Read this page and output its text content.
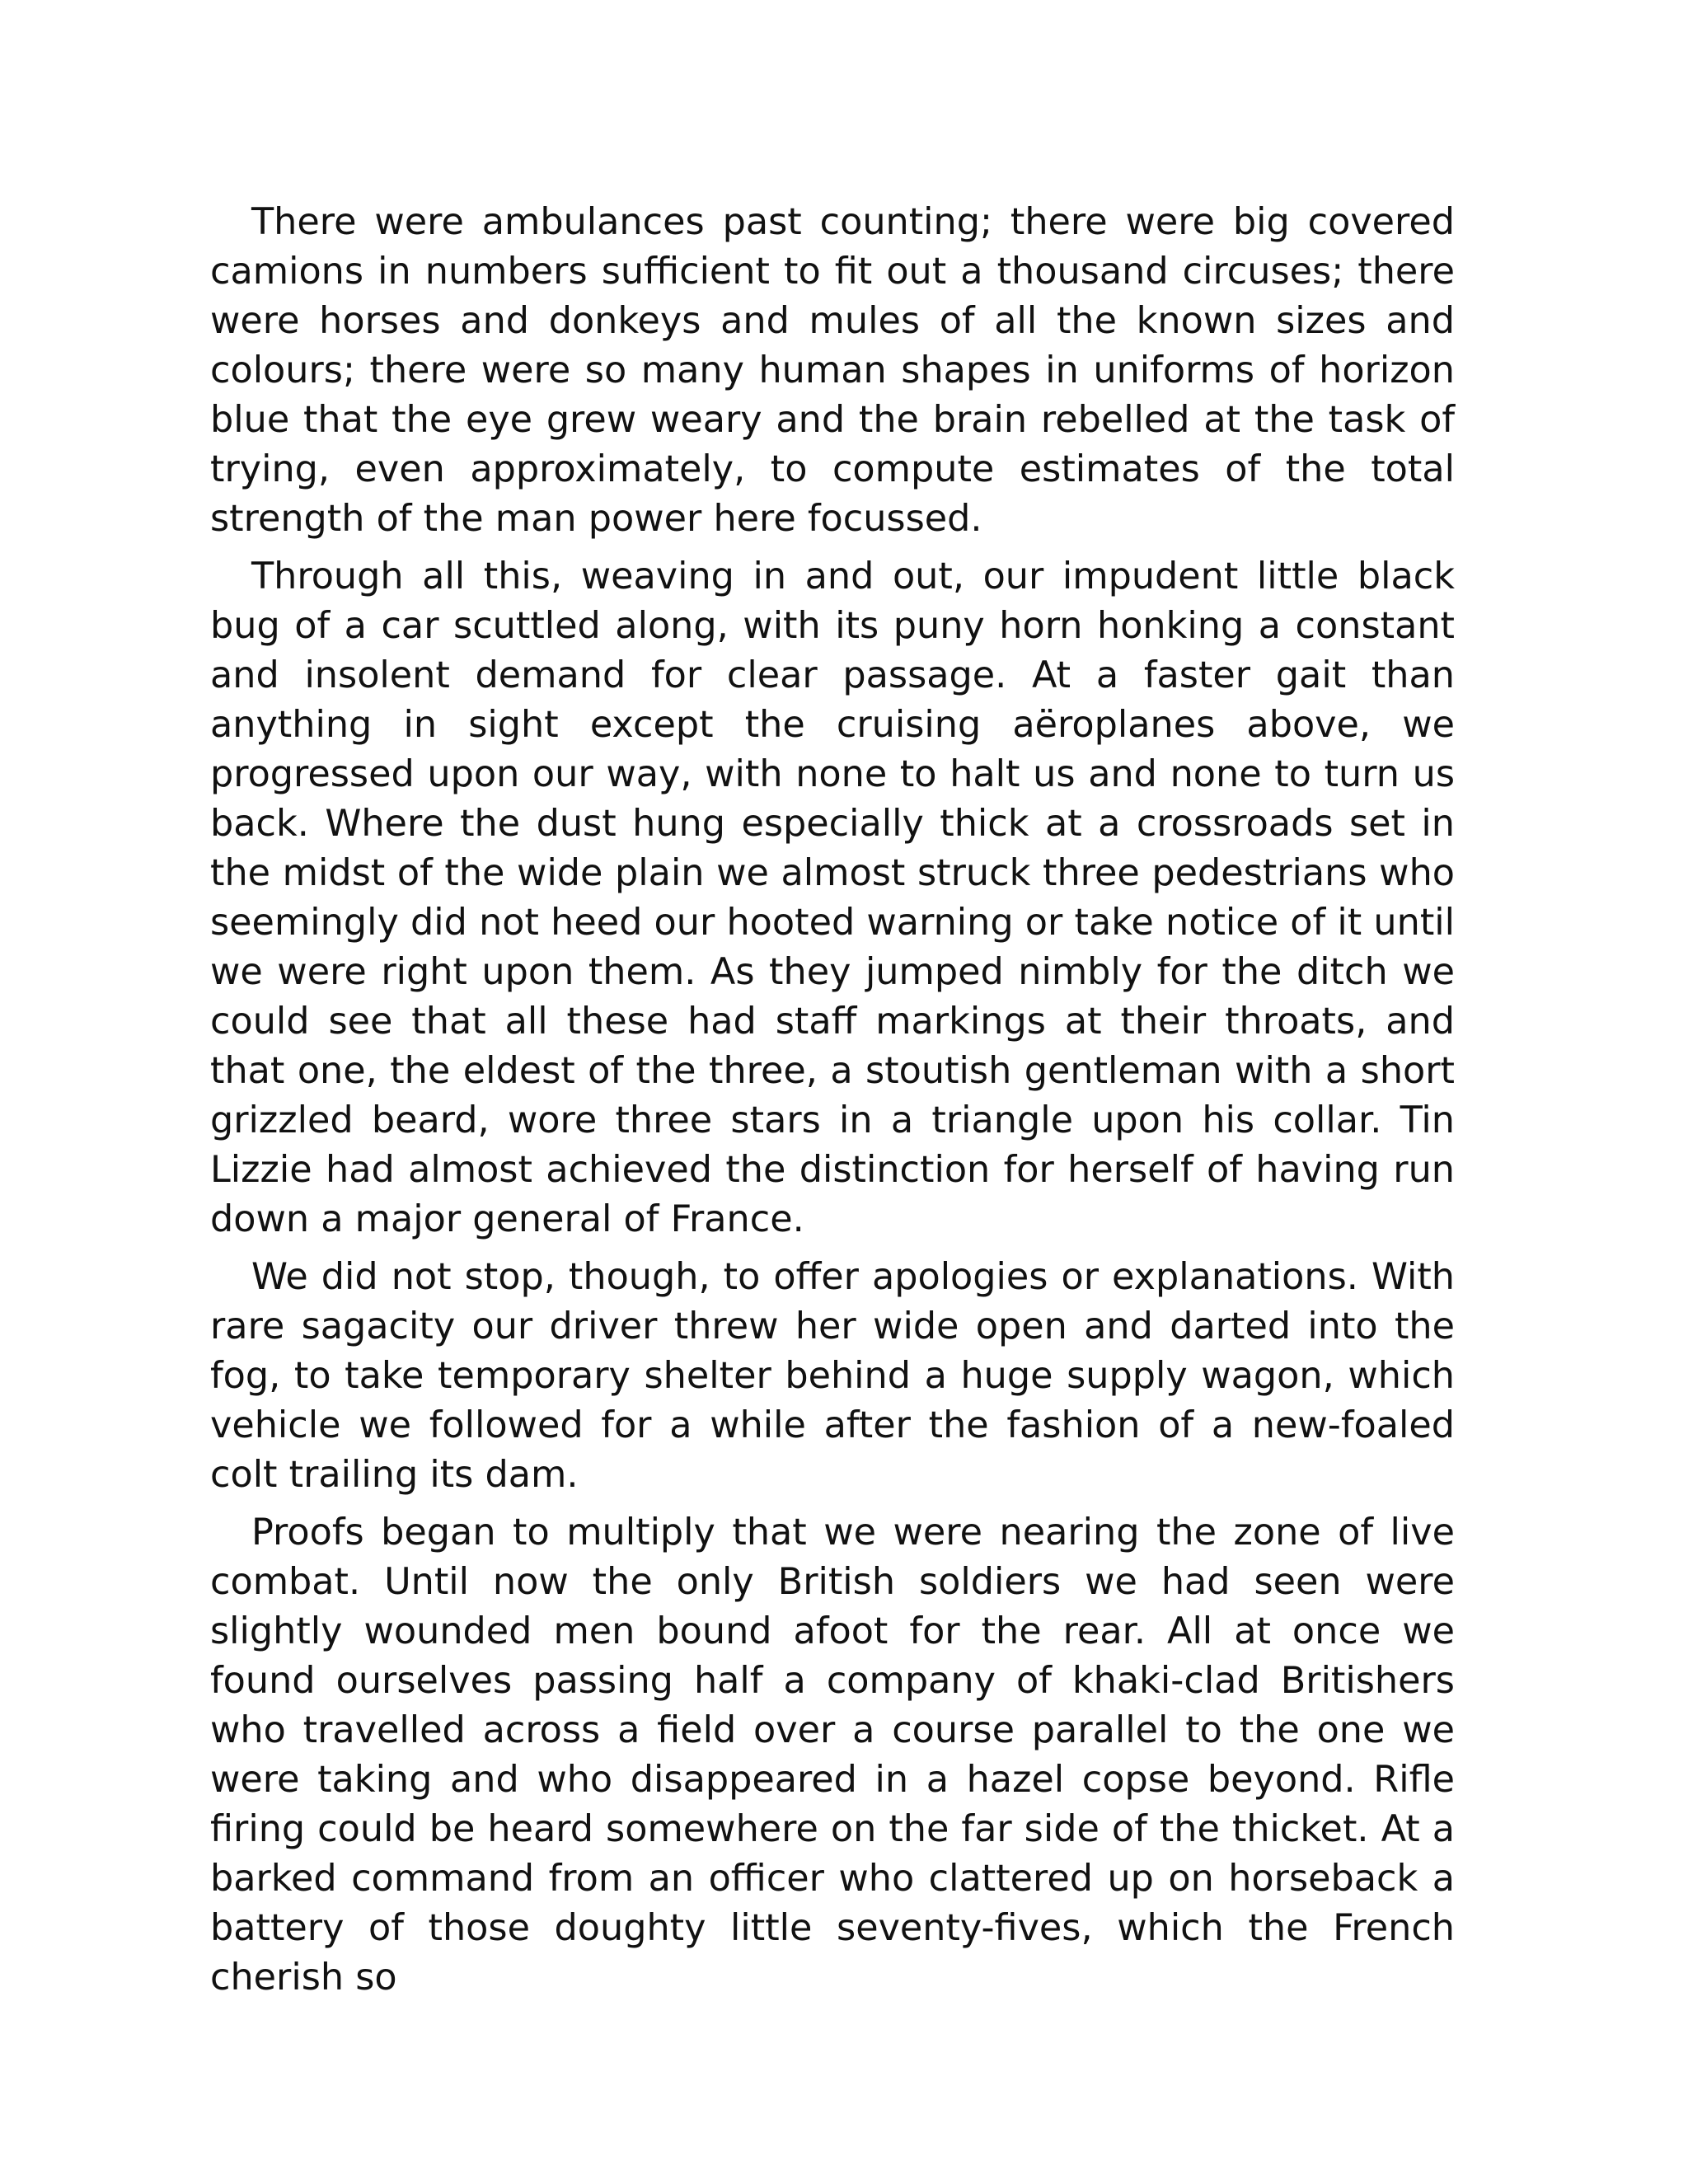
There were ambulances past counting; there were big covered camions in numbers sufficient to fit out a thousand circuses; there were horses and donkeys and mules of all the known sizes and colours; there were so many human shapes in uniforms of horizon blue that the eye grew weary and the brain rebelled at the task of trying, even approximately, to compute estimates of the total strength of the man power here focussed.

Through all this, weaving in and out, our impudent little black bug of a car scuttled along, with its puny horn honking a constant and insolent demand for clear passage. At a faster gait than anything in sight except the cruising aëroplanes above, we progressed upon our way, with none to halt us and none to turn us back. Where the dust hung especially thick at a crossroads set in the midst of the wide plain we almost struck three pedestrians who seemingly did not heed our hooted warning or take notice of it until we were right upon them. As they jumped nimbly for the ditch we could see that all these had staff markings at their throats, and that one, the eldest of the three, a stoutish gentleman with a short grizzled beard, wore three stars in a triangle upon his collar. Tin Lizzie had almost achieved the distinction for herself of having run down a major general of France.

We did not stop, though, to offer apologies or explanations. With rare sagacity our driver threw her wide open and darted into the fog, to take temporary shelter behind a huge supply wagon, which vehicle we followed for a while after the fashion of a new-foaled colt trailing its dam.

Proofs began to multiply that we were nearing the zone of live combat. Until now the only British soldiers we had seen were slightly wounded men bound afoot for the rear. All at once we found ourselves passing half a company of khaki-clad Britishers who travelled across a field over a course parallel to the one we were taking and who disappeared in a hazel copse beyond. Rifle firing could be heard somewhere on the far side of the thicket. At a barked command from an officer who clattered up on horseback a battery of those doughty little seventy-fives, which the French cherish so
